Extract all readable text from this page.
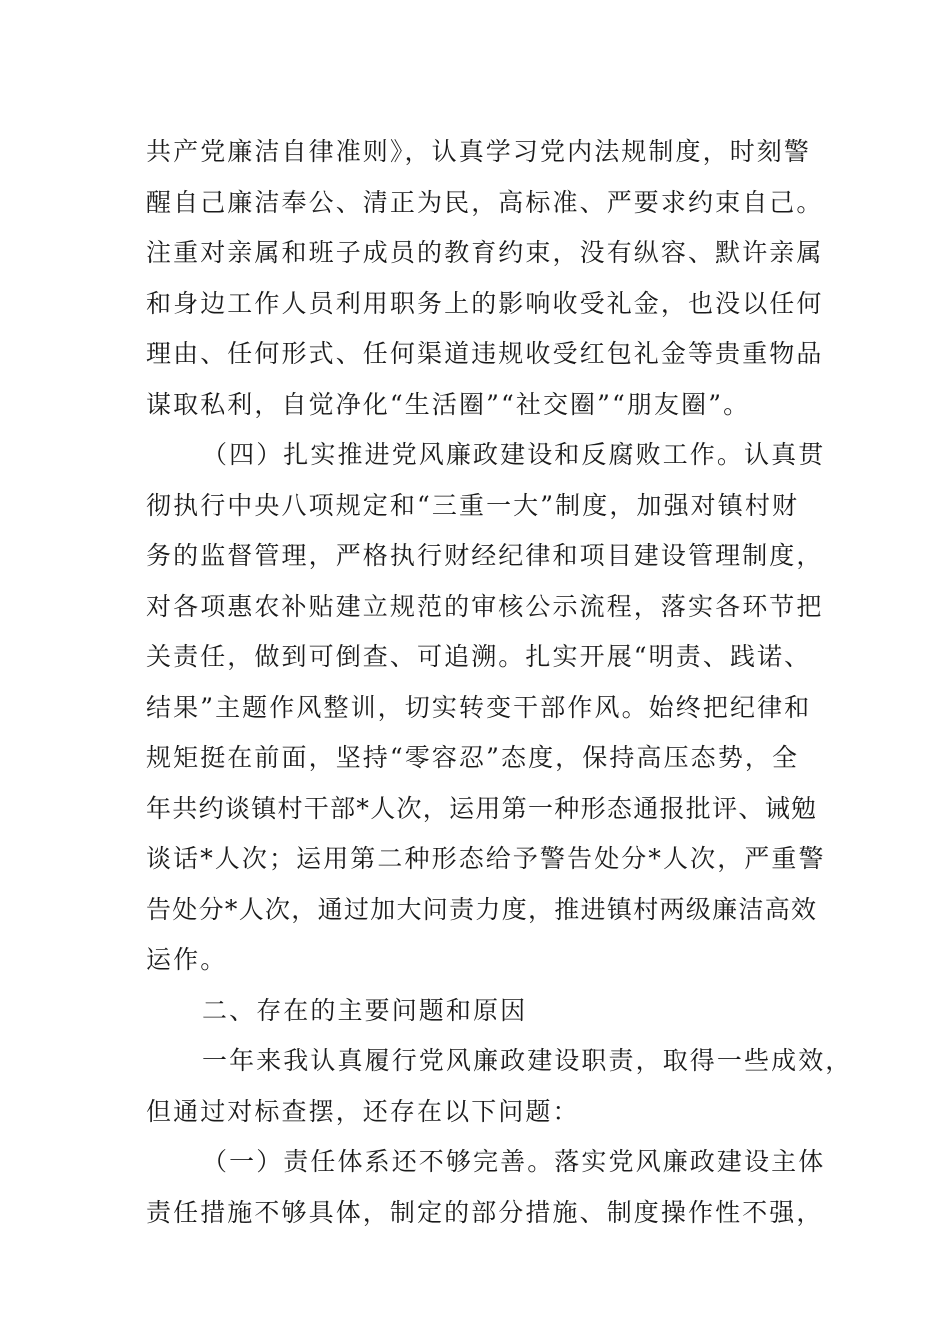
共产党廉洁自律准则》，认真学习党内法规制度，时刻警
醒自己廉洁奉公、清正为民，高标准、严要求约束自己。
注重对亲属和班子成员的教育约束，没有纵容、默许亲属
和身边工作人员利用职务上的影响收受礼金，也没以任何
理由、任何形式、任何渠道违规收受红包礼金等贵重物品
谋取私利，自觉净化“生活圈”“社交圈”“朋友圈”。
（四）扎实推进党风廉政建设和反腐败工作。认真贯
彻执行中央八项规定和“三重一大”制度，加强对镇村财
务的监督管理，严格执行财经纪律和项目建设管理制度，
对各项惠农补贴建立规范的审核公示流程，落实各环节把
关责任，做到可倒查、可追溯。扎实开展“明责、践诺、
结果”主题作风整训，切实转变干部作风。始终把纪律和
规矩挺在前面，坚持“零容忍”态度，保持高压态势，全
年共约谈镇村干部*人次，运用第一种形态通报批评、诫勉
谈话*人次；运用第二种形态给予警告处分*人次，严重警
告处分*人次，通过加大问责力度，推进镇村两级廉洁高效
运作。
二、存在的主要问题和原因
一年来我认真履行党风廉政建设职责，取得一些成效，
但通过对标查摆，还存在以下问题：
（一）责任体系还不够完善。落实党风廉政建设主体
责任措施不够具体，制定的部分措施、制度操作性不强，
